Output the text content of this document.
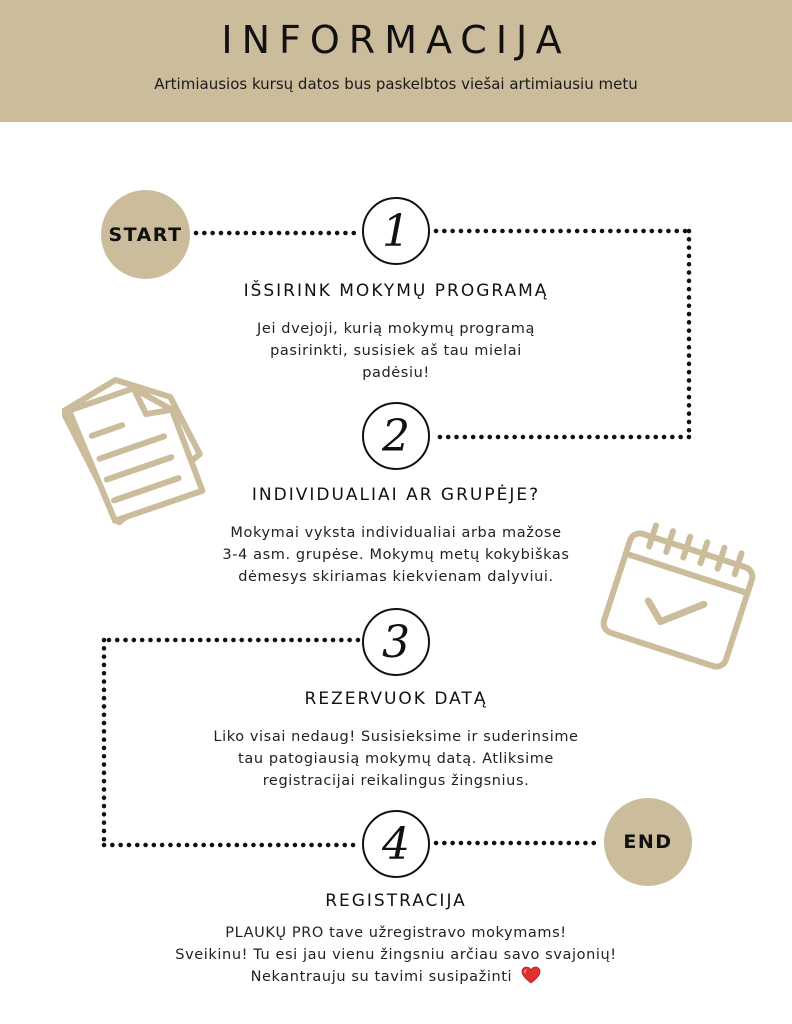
INFORMACIJA
Artimiausios kursų datos bus paskelbtos viešai artimiausiu metu
START
END
1
IŠSIRINK MOKYMŲ PROGRAMĄ
Jei dvejoji, kurią mokymų programą
pasirinkti, susisiek aš tau mielai
padėsiu!
2
INDIVIDUALIAI AR GRUPĖJE?
Mokymai vyksta individualiai arba mažose
3-4 asm. grupėse. Mokymų metų kokybiškas
dėmesys skiriamas kiekvienam dalyviui.
3
REZERVUOK DATĄ
Liko visai nedaug! Susisieksime ir suderinsime
tau patogiausią mokymų datą. Atliksime
registracijai reikalingus žingsnius.
4
REGISTRACIJA
PLAUKŲ PRO tave užregistravo mokymams!
Sveikinu! Tu esi jau vienu žingsniu arčiau savo svajonių!
Nekantrauju su tavimi susipažinti
